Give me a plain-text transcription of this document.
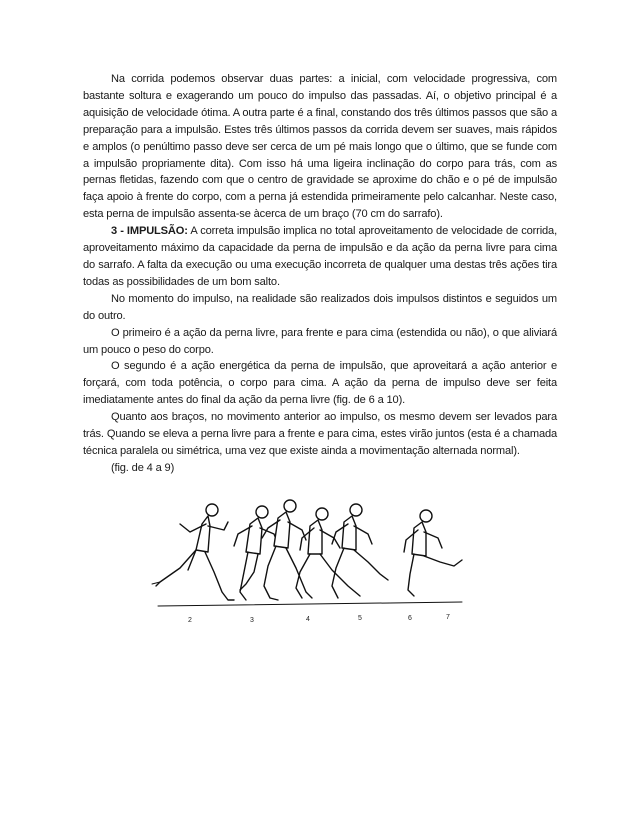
Na corrida podemos observar duas partes: a inicial, com velocidade progressiva, com bastante soltura e exagerando um pouco do impulso das passadas. Aí, o objetivo principal é a aquisição de velocidade ótima. A outra parte é a final, constando dos três últimos passos que são a preparação para a impulsão. Estes três últimos passos da corrida devem ser suaves, mais rápidos e amplos (o penúltimo passo deve ser cerca de um pé mais longo que o último, que se funde com a impulsão propriamente dita). Com isso há uma ligeira inclinação do corpo para trás, com as pernas fletidas, fazendo com que o centro de gravidade se aproxime do chão e o pé de impulsão faça apoio à frente do corpo, com a perna já estendida primeiramente pelo calcanhar. Neste caso, esta perna de impulsão assenta-se àcerca de um braço (70 cm do sarrafo).

3 - IMPULSÃO: A correta impulsão implica no total aproveitamento de velocidade de corrida, aproveitamento máximo da capacidade da perna de impulsão e da ação da perna livre para cima do sarrafo. A falta da execução ou uma execução incorreta de qualquer uma destas três ações tira todas as possibilidades de um bom salto.

No momento do impulso, na realidade são realizados dois impulsos distintos e seguidos um do outro.

O primeiro é a ação da perna livre, para frente e para cima (estendida ou não), o que aliviará um pouco o peso do corpo.

O segundo é a ação energética da perna de impulsão, que aproveitará a ação anterior e forçará, com toda potência, o corpo para cima. A ação da perna de impulso deve ser feita imediatamente antes do final da ação da perna livre (fig. de 6 a 10).

Quanto aos braços, no movimento anterior ao impulso, os mesmo devem ser levados para trás. Quando se eleva a perna livre para a frente e para cima, estes virão juntos (esta é a chamada técnica paralela ou simétrica, uma vez que existe ainda a movimentação alternada normal).

(fig. de 4 a 9)

2	3	4	5	6	7
